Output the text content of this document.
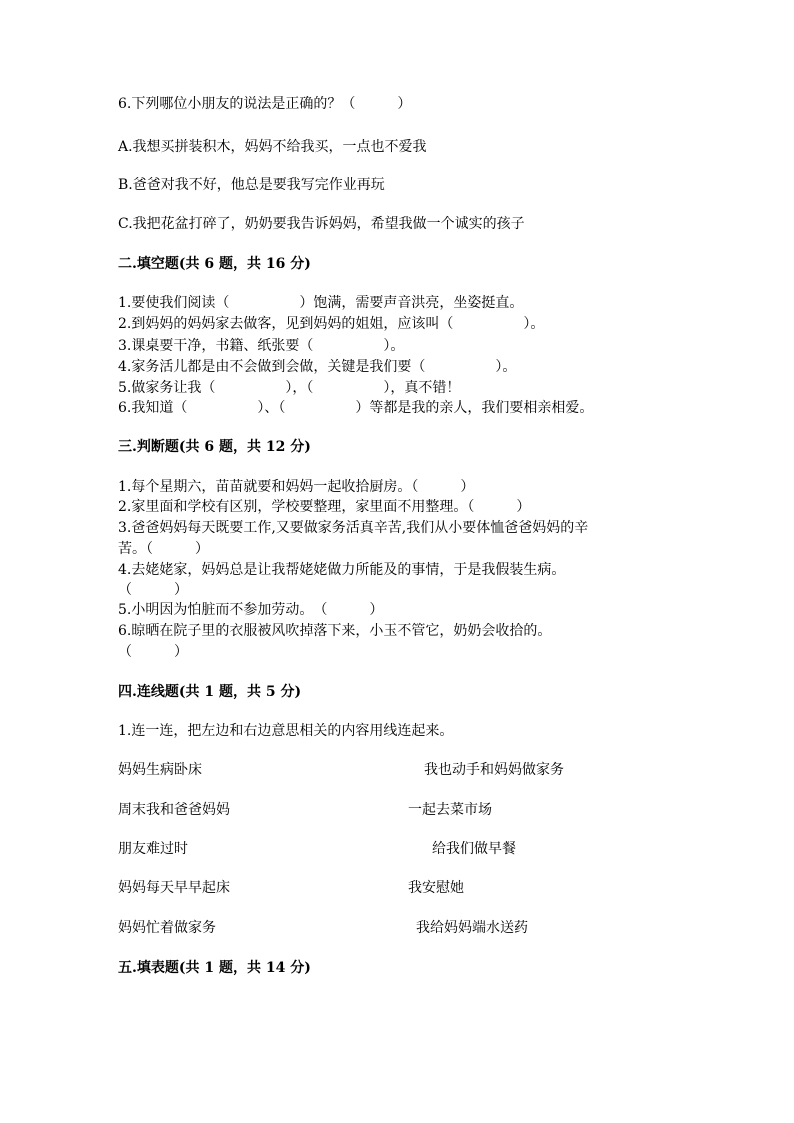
6.下列哪位小朋友的说法是正确的？（　　　）
A.我想买拼装积木，妈妈不给我买，一点也不爱我
B.爸爸对我不好，他总是要我写完作业再玩
C.我把花盆打碎了，奶奶要我告诉妈妈，希望我做一个诚实的孩子
二.填空题(共 6 题，共 16 分)
1.要使我们阅读（　　　　　）饱满，需要声音洪亮，坐姿挺直。
2.到妈妈的妈妈家去做客，见到妈妈的姐姐，应该叫（　　　　　）。
3.课桌要干净，书籍、纸张要（　　　　　）。
4.家务活儿都是由不会做到会做，关键是我们要（　　　　　）。
5.做家务让我（　　　　　），（　　　　　），真不错！
6.我知道（　　　　　）、（　　　　　）等都是我的亲人，我们要相亲相爱。
三.判断题(共 6 题，共 12 分)
1.每个星期六，苗苗就要和妈妈一起收拾厨房。（　　　）
2.家里面和学校有区别，学校要整理，家里面不用整理。（　　　）
3.爸爸妈妈每天既要工作,又要做家务活真辛苦,我们从小要体恤爸爸妈妈的辛
苦。（　　　）
4.去姥姥家，妈妈总是让我帮姥姥做力所能及的事情，于是我假装生病。
（　　　）
5.小明因为怕脏而不参加劳动。　（　　　）
6.晾晒在院子里的衣服被风吹掉落下来，小玉不管它，奶奶会收拾的。
（　　　）
四.连线题(共 1 题，共 5 分)
1.连一连，把左边和右边意思相关的内容用线连起来。
妈妈生病卧床	我也动手和妈妈做家务
周末我和爸爸妈妈	一起去菜市场
朋友难过时	给我们做早餐
妈妈每天早早起床	我安慰她
妈妈忙着做家务	我给妈妈端水送药
五.填表题(共 1 题，共 14 分)
